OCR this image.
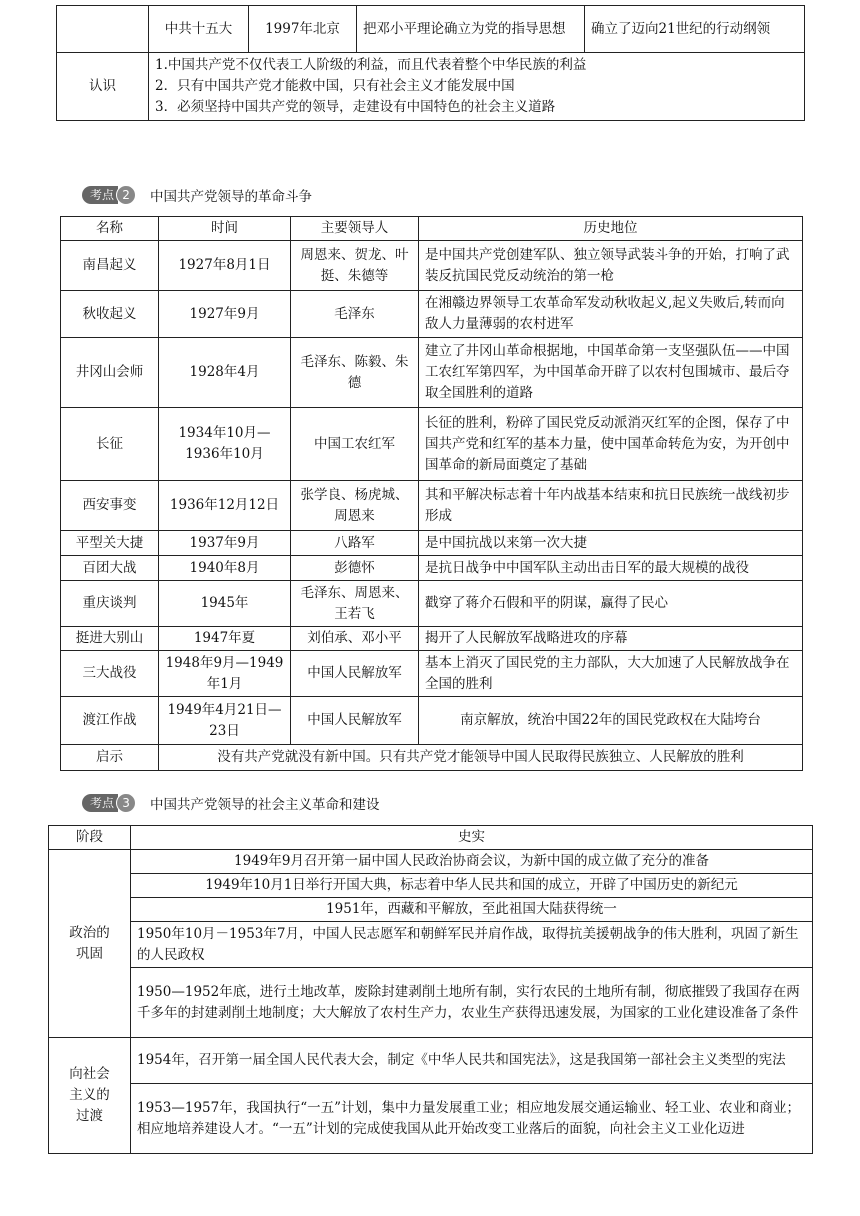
	中共十五大	1997年北京	把邓小平理论确立为党的指导思想	确立了迈向21世纪的行动纲领
认识	1.中国共产党不仅代表工人阶级的利益，而且代表着整个中华民族的利益
2．只有中国共产党才能救中国，只有社会主义才能发展中国
3．必须坚持中国共产党的领导，走建设有中国特色的社会主义道路			
考点 2	中国共产党领导的革命斗争
名称	时间	主要领导人	历史地位
南昌起义	1927年8月1日	周恩来、贺龙、叶挺、朱德等	是中国共产党创建军队、独立领导武装斗争的开始，打响了武装反抗国民党反动统治的第一枪
秋收起义	1927年9月	毛泽东	在湘赣边界领导工农革命军发动秋收起义,起义失败后,转而向敌人力量薄弱的农村进军
井冈山会师	1928年4月	毛泽东、陈毅、朱德	建立了井冈山革命根据地，中国革命第一支坚强队伍——中国工农红军第四军，为中国革命开辟了以农村包围城市、最后夺取全国胜利的道路
长征	1934年10月—1936年10月	中国工农红军	长征的胜利，粉碎了国民党反动派消灭红军的企图，保存了中国共产党和红军的基本力量，使中国革命转危为安，为开创中国革命的新局面奠定了基础
西安事变	1936年12月12日	张学良、杨虎城、周恩来	其和平解决标志着十年内战基本结束和抗日民族统一战线初步形成
平型关大捷	1937年9月	八路军	是中国抗战以来第一次大捷
百团大战	1940年8月	彭德怀	是抗日战争中中国军队主动出击日军的最大规模的战役
重庆谈判	1945年	毛泽东、周恩来、王若飞	戳穿了蒋介石假和平的阴谋，赢得了民心
挺进大别山	1947年夏	刘伯承、邓小平	揭开了人民解放军战略进攻的序幕
三大战役	1948年9月—1949年1月	中国人民解放军	基本上消灭了国民党的主力部队，大大加速了人民解放战争在全国的胜利
渡江作战	1949年4月21日—23日	中国人民解放军	南京解放，统治中国22年的国民党政权在大陆垮台
启示	没有共产党就没有新中国。只有共产党才能领导中国人民取得民族独立、人民解放的胜利		
考点 3	中国共产党领导的社会主义革命和建设
阶段	史实
政治的巩固	1949年9月召开第一届中国人民政治协商会议，为新中国的成立做了充分的准备
	1949年10月1日举行开国大典，标志着中华人民共和国的成立，开辟了中国历史的新纪元
	1951年，西藏和平解放，至此祖国大陆获得统一
	1950年10月－1953年7月，中国人民志愿军和朝鲜军民并肩作战，取得抗美援朝战争的伟大胜利，巩固了新生的人民政权
	1950—1952年底，进行土地改革，废除封建剥削土地所有制，实行农民的土地所有制，彻底摧毁了我国存在两千多年的封建剥削土地制度；大大解放了农村生产力，农业生产获得迅速发展，为国家的工业化建设准备了条件
向社会主义的过渡	1954年，召开第一届全国人民代表大会，制定《中华人民共和国宪法》，这是我国第一部社会主义类型的宪法
	1953—1957年，我国执行“一五”计划，集中力量发展重工业；相应地发展交通运输业、轻工业、农业和商业；相应地培养建设人才。“一五”计划的完成使我国从此开始改变工业落后的面貌，向社会主义工业化迈进
